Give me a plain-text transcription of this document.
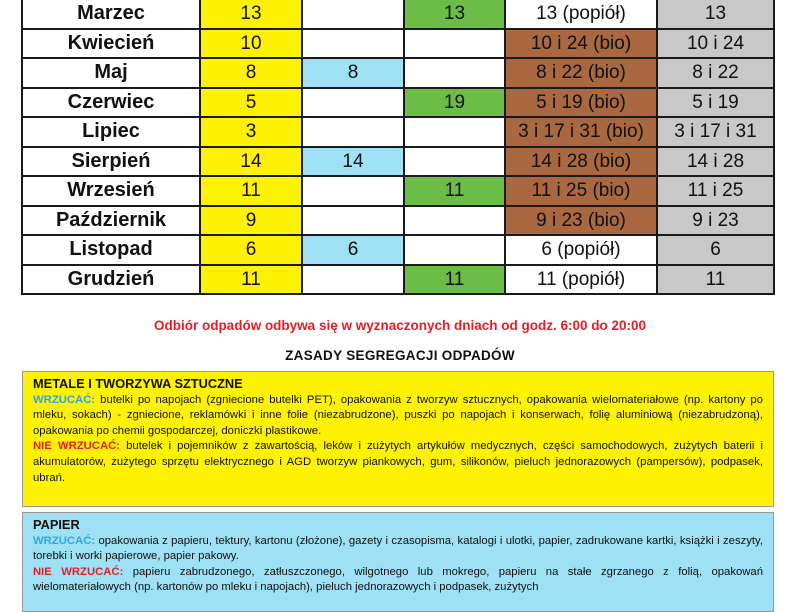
Marzec	13		13	13 (popiół)	13
Kwiecień	10			10 i 24 (bio)	10 i 24
Maj	8	8		8 i 22 (bio)	8 i 22
Czerwiec	5		19	5 i 19 (bio)	5 i 19
Lipiec	3			3 i 17 i 31 (bio)	3 i 17 i 31
Sierpień	14	14		14 i 28 (bio)	14 i 28
Wrzesień	11		11	11 i 25 (bio)	11 i 25
Październik	9			9 i 23 (bio)	9 i 23
Listopad	6	6		6 (popiół)	6
Grudzień	11		11	11 (popiół)	11
Odbiór odpadów odbywa się w wyznaczonych dniach od godz. 6:00 do 20:00
ZASADY SEGREGACJI ODPADÓW
METALE I TWORZYWA SZTUCZNE

WRZUCAĆ: butelki po napojach (zgniecione butelki PET), opakowania z tworzyw sztucznych, opakowania wielomateriałowe (np. kartony po mleku, sokach) - zgniecione, reklamówki i inne folie (niezabrudzone), puszki po napojach i konserwach, folię aluminiową (niezabrudzoną), opakowania po chemii gospodarczej, doniczki plastikowe.

NIE WRZUCAĆ: butelek i pojemników z zawartością, leków i zużytych artykułów medycznych, części samochodowych, zużytych baterii i akumulatorów, zużytego sprzętu elektrycznego i AGD tworzyw piankowych, gum, silikonów, pieluch jednorazowych (pampersów), podpasek, ubrań.

PAPIER

WRZUCAĆ: opakowania z papieru, tektury, kartonu (złożone), gazety i czasopisma, katalogi i ulotki, papier, zadrukowane kartki, książki i zeszyty, torebki i worki papierowe, papier pakowy.

NIE WRZUCAĆ: papieru zabrudzonego, zatłuszczonego, wilgotnego lub mokrego, papieru na stałe zgrzanego z folią, opakowań wielomateriałowych (np. kartonów po mleku i napojach), pieluch jednorazowych i podpasek, zużytych
